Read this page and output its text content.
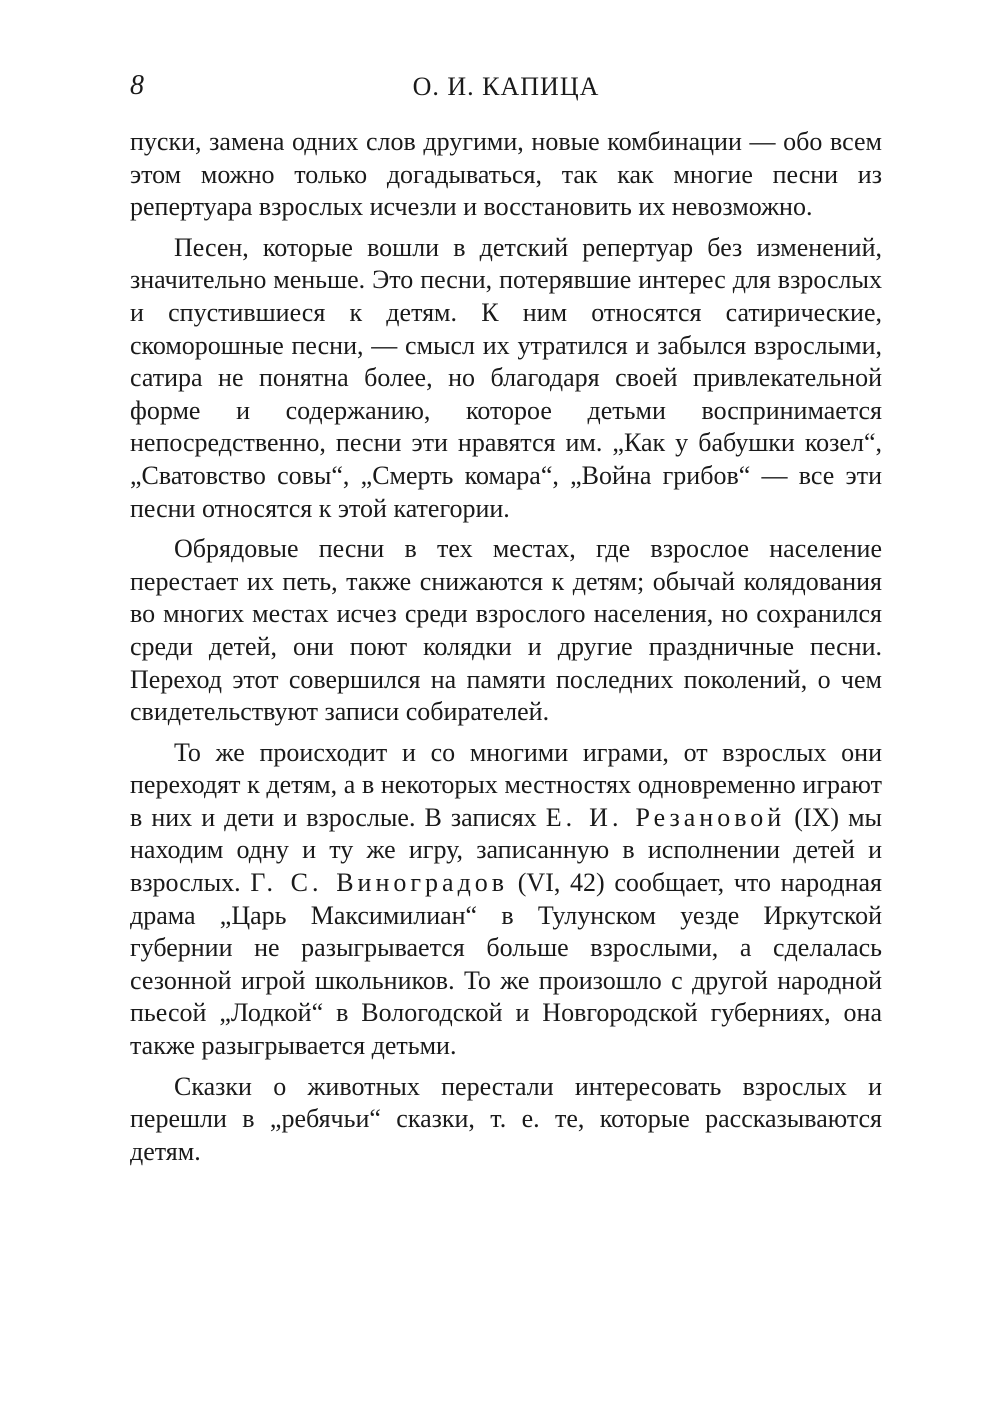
8	О. И. КАПИЦА

пуски, замена одних слов другими, новые комбинации — обо всем этом можно только догадываться, так как многие песни из репертуара взрослых исчезли и восстановить их невозможно.

Песен, которые вошли в детский репертуар без изменений, значительно меньше. Это песни, потерявшие интерес для взрослых и спустившиеся к детям. К ним относятся сатирические, скоморошные песни, — смысл их утратился и забылся взрослыми, сатира не понятна более, но благодаря своей привлекательной форме и содержанию, которое детьми воспринимается непосредственно, песни эти нравятся им. „Как у бабушки козел“, „Сватовство совы“, „Смерть комара“, „Война грибов“ — все эти песни относятся к этой категории.

Обрядовые песни в тех местах, где взрослое население перестает их петь, также снижаются к детям; обычай колядования во многих местах исчез среди взрослого населения, но сохранился среди детей, они поют колядки и другие праздничные песни. Переход этот совершился на памяти последних поколений, о чем свидетельствуют записи собирателей.

То же происходит и со многими играми, от взрослых они переходят к детям, а в некоторых местностях одновременно играют в них и дети и взрослые. В записях Е. И. Резановой (IX) мы находим одну и ту же игру, записанную в исполнении детей и взрослых. Г. С. Виноградов (VI, 42) сообщает, что народная драма „Царь Максимилиан“ в Тулунском уезде Иркутской губернии не разыгрывается больше взрослыми, а сделалась сезонной игрой школьников. То же произошло с другой народной пьесой „Лодкой“ в Вологодской и Новгородской губерниях, она также разыгрывается детьми.

Сказки о животных перестали интересовать взрослых и перешли в „ребячьи“ сказки, т. е. те, которые рассказываются детям.
